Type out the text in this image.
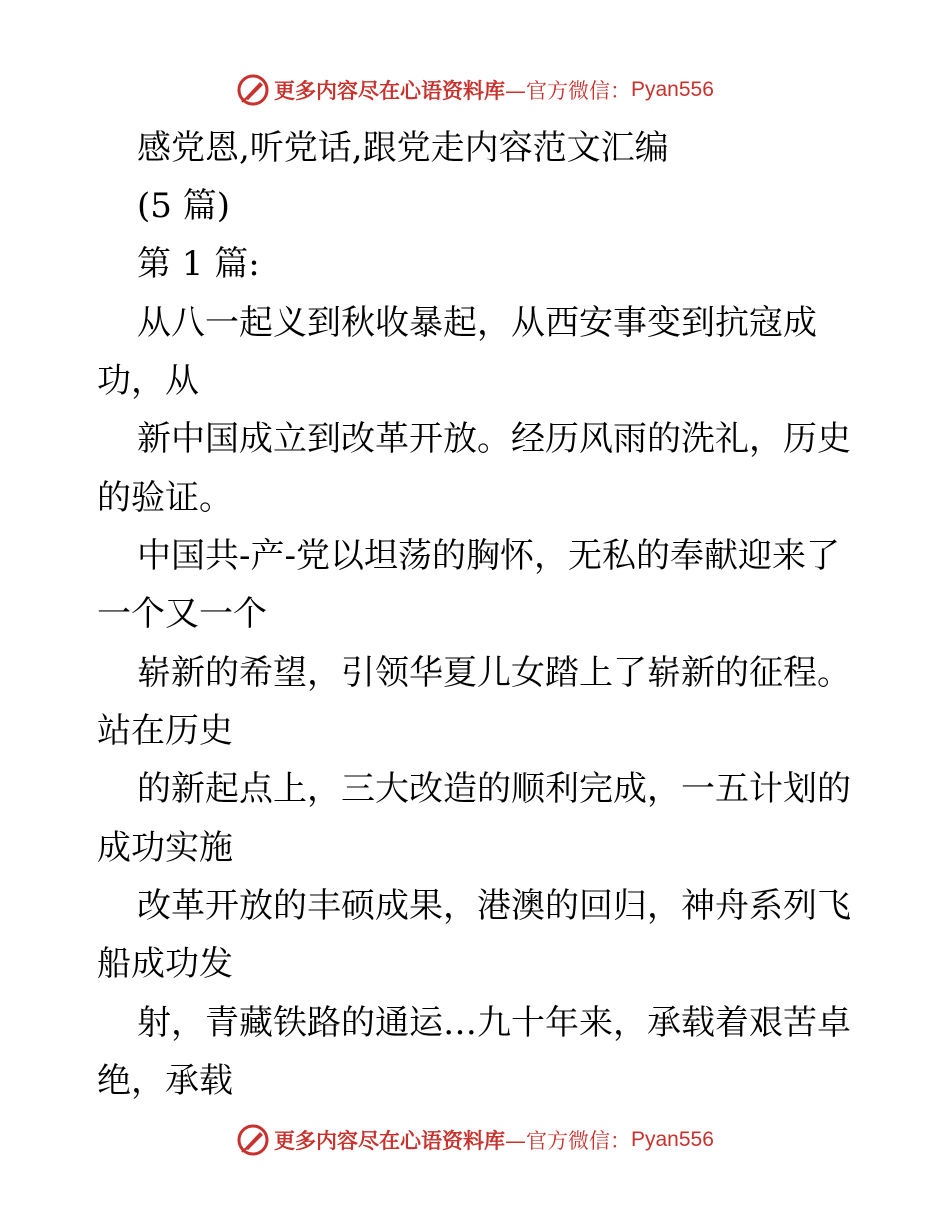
更多内容尽在心语资料库 —官方微信： Pyan556
感党恩,听党话,跟党走内容范文汇编
(5 篇)
第 1 篇:
从八一起义到秋收暴起，从西安事变到抗寇成
功，从
新中国成立到改革开放。经历风雨的洗礼，历史
的验证。
中国共-产-党以坦荡的胸怀，无私的奉献迎来了
一个又一个
崭新的希望，引领华夏儿女踏上了崭新的征程。
站在历史
的新起点上，三大改造的顺利完成，一五计划的
成功实施
改革开放的丰硕成果，港澳的回归，神舟系列飞
船成功发
射，青藏铁路的通运…九十年来，承载着艰苦卓
绝，承载
更多内容尽在心语资料库 —官方微信： Pyan556
